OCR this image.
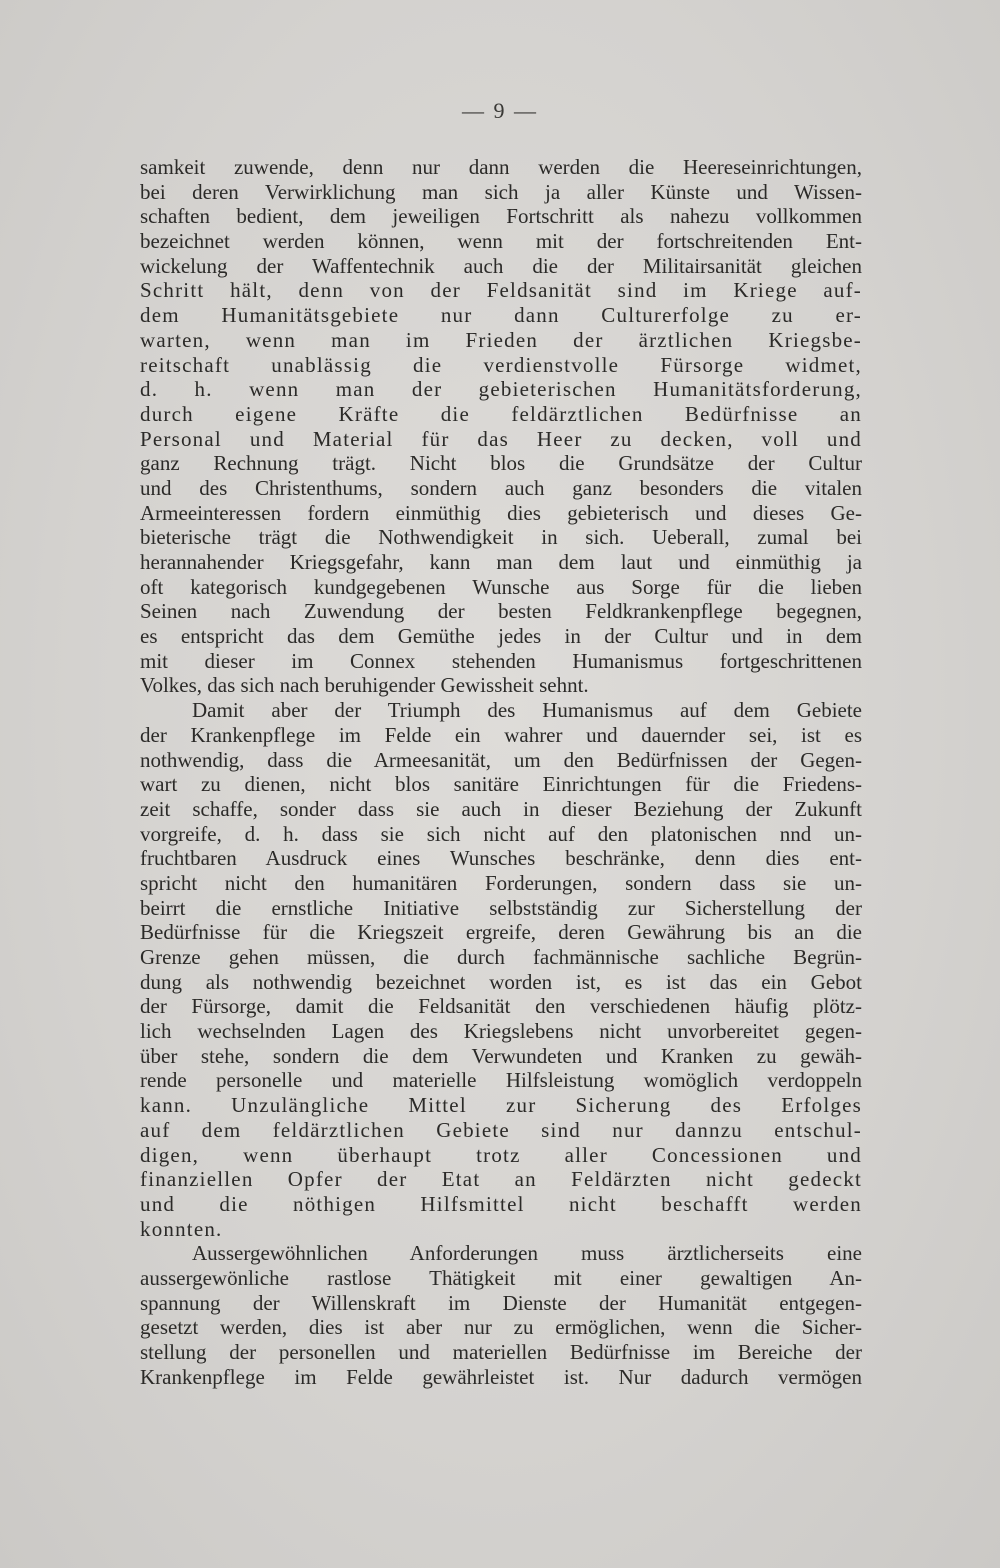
— 9 —
samkeit zuwende, denn nur dann werden die Heereseinrichtungen,
bei deren Verwirklichung man sich ja aller Künste und Wissen-
schaften bedient, dem jeweiligen Fortschritt als nahezu vollkommen
bezeichnet werden können, wenn mit der fortschreitenden Ent-
wickelung der Waffentechnik auch die der Militairsanität gleichen
Schritt hält, denn von der Feldsanität sind im Kriege auf-
dem Humanitätsgebiete nur dann Culturerfolge zu er-
warten, wenn man im Frieden der ärztlichen Kriegsbe-
reitschaft unablässig die verdienstvolle Fürsorge widmet,
d. h. wenn man der gebieterischen Humanitätsforderung,
durch eigene Kräfte die feldärztlichen Bedürfnisse an
Personal und Material für das Heer zu decken, voll und
ganz Rechnung trägt. Nicht blos die Grundsätze der Cultur
und des Christenthums, sondern auch ganz besonders die vitalen
Armeeinteressen fordern einmüthig dies gebieterisch und dieses Ge-
bieterische trägt die Nothwendigkeit in sich. Ueberall, zumal bei
herannahender Kriegsgefahr, kann man dem laut und einmüthig ja
oft kategorisch kundgegebenen Wunsche aus Sorge für die lieben
Seinen nach Zuwendung der besten Feldkrankenpflege begegnen,
es entspricht das dem Gemüthe jedes in der Cultur und in dem
mit dieser im Connex stehenden Humanismus fortgeschrittenen
Volkes, das sich nach beruhigender Gewissheit sehnt.
Damit aber der Triumph des Humanismus auf dem Gebiete
der Krankenpflege im Felde ein wahrer und dauernder sei, ist es
nothwendig, dass die Armeesanität, um den Bedürfnissen der Gegen-
wart zu dienen, nicht blos sanitäre Einrichtungen für die Friedens-
zeit schaffe, sonder dass sie auch in dieser Beziehung der Zukunft
vorgreife, d. h. dass sie sich nicht auf den platonischen nnd un-
fruchtbaren Ausdruck eines Wunsches beschränke, denn dies ent-
spricht nicht den humanitären Forderungen, sondern dass sie un-
beirrt die ernstliche Initiative selbstständig zur Sicherstellung der
Bedürfnisse für die Kriegszeit ergreife, deren Gewährung bis an die
Grenze gehen müssen, die durch fachmännische sachliche Begrün-
dung als nothwendig bezeichnet worden ist, es ist das ein Gebot
der Fürsorge, damit die Feldsanität den verschiedenen häufig plötz-
lich wechselnden Lagen des Kriegslebens nicht unvorbereitet gegen-
über stehe, sondern die dem Verwundeten und Kranken zu gewäh-
rende personelle und materielle Hilfsleistung womöglich verdoppeln
kann. Unzulängliche Mittel zur Sicherung des Erfolges
auf dem feldärztlichen Gebiete sind nur dannzu entschul-
digen, wenn überhaupt trotz aller Concessionen und
finanziellen Opfer der Etat an Feldärzten nicht gedeckt
und die nöthigen Hilfsmittel nicht beschafft werden
konnten.
Aussergewöhnlichen Anforderungen muss ärztlicherseits eine
aussergewönliche rastlose Thätigkeit mit einer gewaltigen An-
spannung der Willenskraft im Dienste der Humanität entgegen-
gesetzt werden, dies ist aber nur zu ermöglichen, wenn die Sicher-
stellung der personellen und materiellen Bedürfnisse im Bereiche der
Krankenpflege im Felde gewährleistet ist. Nur dadurch vermögen
